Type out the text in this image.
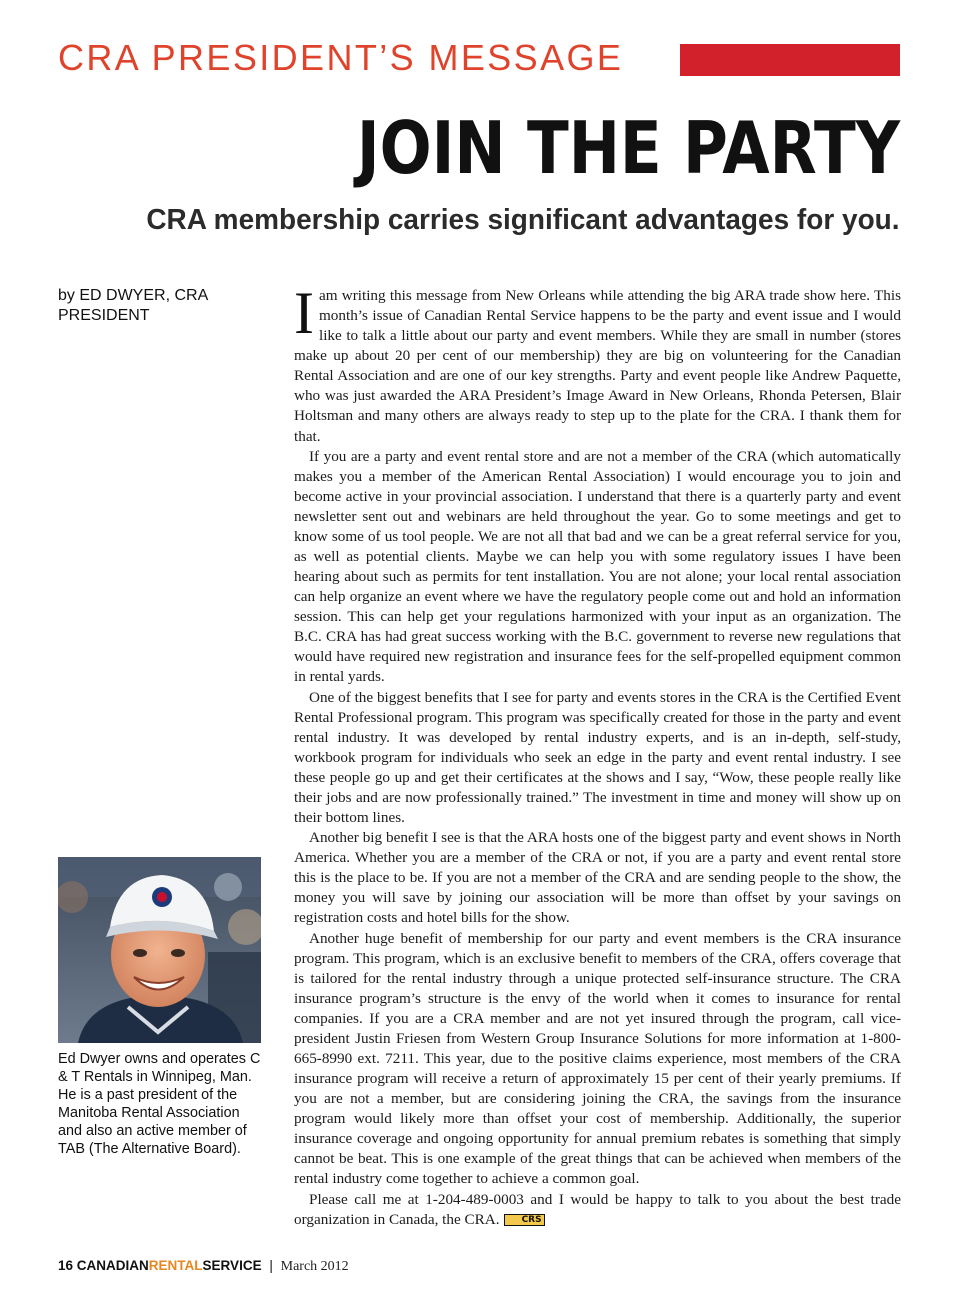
CRA PRESIDENT’S MESSAGE
JOIN THE PARTY
CRA membership carries significant advantages for you.
by ED DWYER, CRA PRESIDENT
Ed Dwyer owns and operates C & T Rentals in Winnipeg, Man. He is a past president of the Manitoba Rental Association and also an active member of TAB (The Alternative Board).

Iam writing this message from New Orleans while attending the big ARA trade show here. This month’s issue of Canadian Rental Service happens to be the party and event issue and I would like to talk a little about our party and event members. While they are small in number (stores make up about 20 per cent of our membership) they are big on volunteering for the Canadian Rental Association and are one of our key strengths. Party and event people like Andrew Paquette, who was just awarded the ARA President’s Image Award in New Orleans, Rhonda Petersen, Blair Holtsman and many others are always ready to step up to the plate for the CRA. I thank them for that.

If you are a party and event rental store and are not a member of the CRA (which automatically makes you a member of the American Rental Association) I would encourage you to join and become active in your provincial association. I understand that there is a quarterly party and event newsletter sent out and webinars are held throughout the year. Go to some meetings and get to know some of us tool people. We are not all that bad and we can be a great referral service for you, as well as potential clients. Maybe we can help you with some regulatory issues I have been hearing about such as permits for tent installation. You are not alone; your local rental association can help organize an event where we have the regulatory people come out and hold an information session. This can help get your regulations harmonized with your input as an organization. The B.C. CRA has had great success working with the B.C. government to reverse new regulations that would have required new registration and insurance fees for the self-propelled equipment common in rental yards.

One of the biggest benefits that I see for party and events stores in the CRA is the Certified Event Rental Professional program. This program was specifically created for those in the party and event rental industry. It was developed by rental industry experts, and is an in-depth, self-study, workbook program for individuals who seek an edge in the party and event rental industry. I see these people go up and get their certificates at the shows and I say, “Wow, these people really like their jobs and are now professionally trained.” The investment in time and money will show up on their bottom lines.

Another big benefit I see is that the ARA hosts one of the biggest party and event shows in North America. Whether you are a member of the CRA or not, if you are a party and event rental store this is the place to be. If you are not a member of the CRA and are sending people to the show, the money you will save by joining our association will be more than offset by your savings on registration costs and hotel bills for the show.

Another huge benefit of membership for our party and event members is the CRA insurance program. This program, which is an exclusive benefit to members of the CRA, offers coverage that is tailored for the rental industry through a unique protected self-insurance structure. The CRA insurance program’s structure is the envy of the world when it comes to insurance for rental companies. If you are a CRA member and are not yet insured through the program, call vice-president Justin Friesen from Western Group Insurance Solutions for more information at 1-800-665-8990 ext. 7211. This year, due to the positive claims experience, most members of the CRA insurance program will receive a return of approximately 15 per cent of their yearly premiums. If you are not a member, but are considering joining the CRA, the savings from the insurance program would likely more than offset your cost of membership. Additionally, the superior insurance coverage and ongoing opportunity for annual premium rebates is something that simply cannot be beat. This is one example of the great things that can be achieved when members of the rental industry come together to achieve a common goal.

Please call me at 1-204-489-0003 and I would be happy to talk to you about the best trade organization in Canada, the CRA. CRS

16 CANADIANRENTALSERVICE | March 2012
